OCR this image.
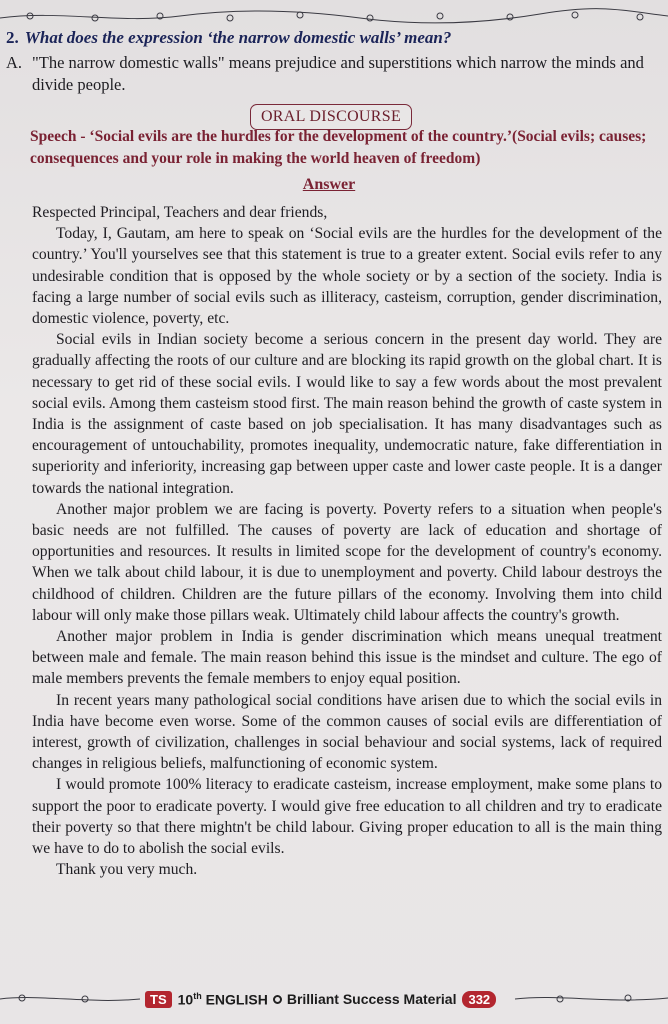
2. What does the expression ‘the narrow domestic walls’ mean?
A. "The narrow domestic walls" means prejudice and superstitions which narrow the minds and divide people.
ORAL DISCOURSE
Speech - ‘Social evils are the hurdles for the development of the country.’(Social evils; causes; consequences and your role in making the world heaven of freedom)
Answer

Respected Principal, Teachers and dear friends,

Today, I, Gautam, am here to speak on ‘Social evils are the hurdles for the development of the country.’ You'll yourselves see that this statement is true to a greater extent. Social evils refer to any undesirable condition that is opposed by the whole society or by a section of the society. India is facing a large number of social evils such as illiteracy, casteism, corruption, gender discrimination, domestic violence, poverty, etc.

Social evils in Indian society become a serious concern in the present day world. They are gradually affecting the roots of our culture and are blocking its rapid growth on the global chart. It is necessary to get rid of these social evils. I would like to say a few words about the most prevalent social evils. Among them casteism stood first. The main reason behind the growth of caste system in India is the assignment of caste based on job specialisation. It has many disadvantages such as encouragement of untouchability, promotes inequality, undemocratic nature, fake differentiation in superiority and inferiority, increasing gap between upper caste and lower caste people. It is a danger towards the national integration.

Another major problem we are facing is poverty. Poverty refers to a situation when people's basic needs are not fulfilled. The causes of poverty are lack of education and shortage of opportunities and resources. It results in limited scope for the development of country's economy. When we talk about child labour, it is due to unemployment and poverty. Child labour destroys the childhood of children. Children are the future pillars of the economy. Involving them into child labour will only make those pillars weak. Ultimately child labour affects the country's growth.

Another major problem in India is gender discrimination which means unequal treatment between male and female. The main reason behind this issue is the mindset and culture. The ego of male members prevents the female members to enjoy equal position.

In recent years many pathological social conditions have arisen due to which the social evils in India have become even worse. Some of the common causes of social evils are differentiation of interest, growth of civilization, challenges in social behaviour and social systems, lack of required changes in religious beliefs, malfunctioning of economic system.

I would promote 100% literacy to eradicate casteism, increase employment, make some plans to support the poor to eradicate poverty. I would give free education to all children and try to eradicate their poverty so that there mightn't be child labour. Giving proper education to all is the main thing we have to do to abolish the social evils.

Thank you very much.

TS 10th ENGLISH Brilliant Success Material 332
